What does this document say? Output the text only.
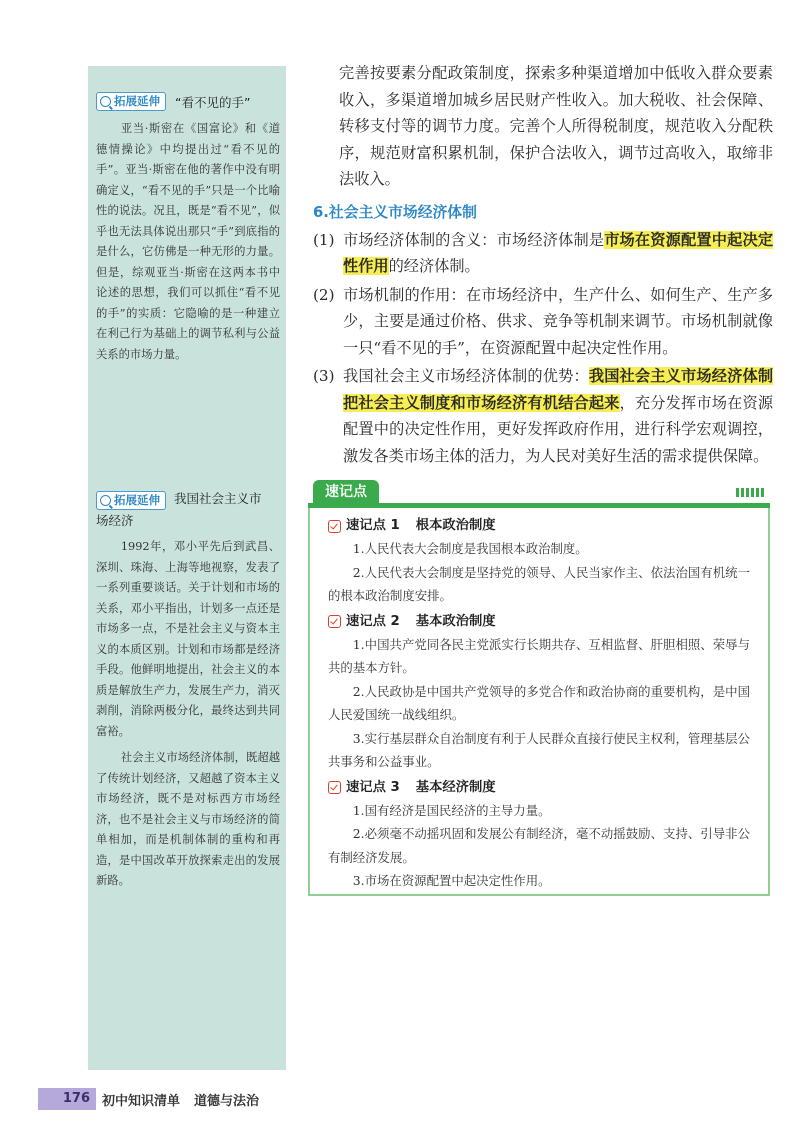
拓展延伸 “看不见的手”
亚当·斯密在《国富论》和《道德情操论》中均提出过“看不见的手”。亚当·斯密在他的著作中没有明确定义，“看不见的手”只是一个比喻性的说法。况且，既是“看不见”，似乎也无法具体说出那只“手”到底指的是什么，它仿佛是一种无形的力量。但是，综观亚当·斯密在这两本书中论述的思想，我们可以抓住“看不见的手”的实质：它隐喻的是一种建立在利己行为基础上的调节私利与公益关系的市场力量。
拓展延伸 我国社会主义市
场经济

1992年，邓小平先后到武昌、深圳、珠海、上海等地视察，发表了一系列重要谈话。关于计划和市场的关系，邓小平指出，计划多一点还是市场多一点，不是社会主义与资本主义的本质区别。计划和市场都是经济手段。他鲜明地提出，社会主义的本质是解放生产力，发展生产力，消灭剥削，消除两极分化，最终达到共同富裕。

社会主义市场经济体制，既超越了传统计划经济，又超越了资本主义市场经济，既不是对标西方市场经济，也不是社会主义与市场经济的简单相加，而是机制体制的重构和再造，是中国改革开放探索走出的发展新路。

完善按要素分配政策制度，探索多种渠道增加中低收入群众要素收入，多渠道增加城乡居民财产性收入。加大税收、社会保障、转移支付等的调节力度。完善个人所得税制度，规范收入分配秩序，规范财富积累机制，保护合法收入，调节过高收入，取缔非法收入。

6.社会主义市场经济体制
(1) 市场经济体制的含义：市场经济体制是市场在资源配置中起决定性作用的经济体制。
(2) 市场机制的作用：在市场经济中，生产什么、如何生产、生产多少，主要是通过价格、供求、竞争等机制来调节。市场机制就像一只“看不见的手”，在资源配置中起决定性作用。
(3) 我国社会主义市场经济体制的优势：我国社会主义市场经济体制把社会主义制度和市场经济有机结合起来，充分发挥市场在资源配置中的决定性作用，更好发挥政府作用，进行科学宏观调控，激发各类市场主体的活力，为人民对美好生活的需求提供保障。
速记点
速记点 1 根本政治制度

1.人民代表大会制度是我国根本政治制度。

2.人民代表大会制度是坚持党的领导、人民当家作主、依法治国有机统一的根本政治制度安排。

速记点 2 基本政治制度

1.中国共产党同各民主党派实行长期共存、互相监督、肝胆相照、荣辱与共的基本方针。

2.人民政协是中国共产党领导的多党合作和政治协商的重要机构，是中国人民爱国统一战线组织。

3.实行基层群众自治制度有利于人民群众直接行使民主权利，管理基层公共事务和公益事业。

速记点 3 基本经济制度

1.国有经济是国民经济的主导力量。

2.必须毫不动摇巩固和发展公有制经济，毫不动摇鼓励、支持、引导非公有制经济发展。

3.市场在资源配置中起决定性作用。

176 初中知识清单 道德与法治
